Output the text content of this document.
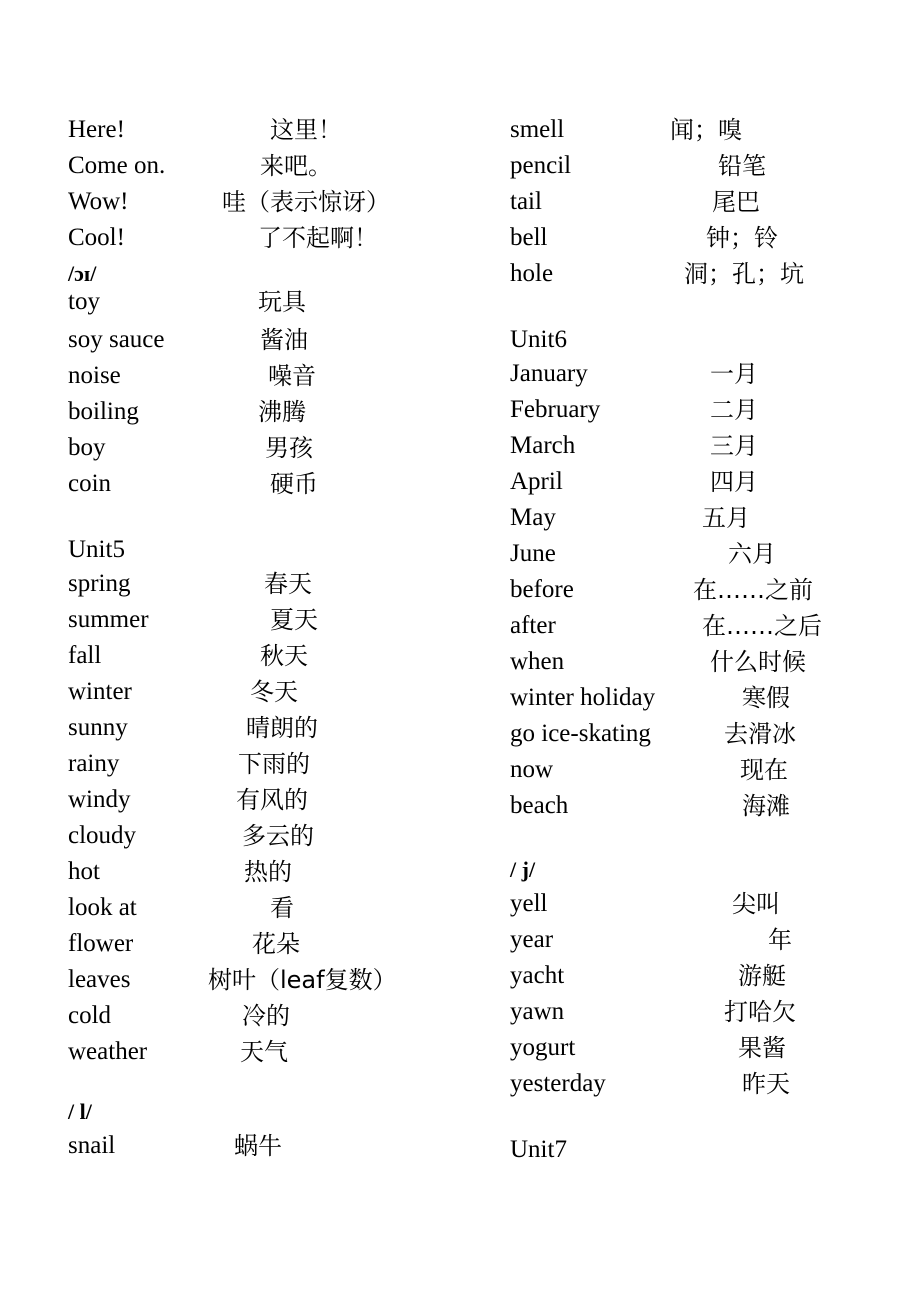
Here!	这里！
Come on.	来吧。
Wow!	哇（表示惊讶）
Cool!	了不起啊！
/ɔɪ/
toy	玩具
soy sauce	酱油
noise	噪音
boiling	沸腾
boy	男孩
coin	硬币
Unit5
spring	春天
summer	夏天
fall	秋天
winter	冬天
sunny	晴朗的
rainy	下雨的
windy	有风的
cloudy	多云的
hot	热的
look at	看
flower	花朵
leaves	树叶（leaf复数）
cold	冷的
weather	天气
/ l/
snail	蜗牛
smell	闻；嗅
pencil	铅笔
tail	尾巴
bell	钟；铃
hole	洞；孔；坑
Unit6
January	一月
February	二月
March	三月
April	四月
May	五月
June	六月
before	在……之前
after	在……之后
when	什么时候
winter holiday	寒假
go ice-skating	去滑冰
now	现在
beach	海滩
/ j/
yell	尖叫
year	年
yacht	游艇
yawn	打哈欠
yogurt	果酱
yesterday	昨天
Unit7
